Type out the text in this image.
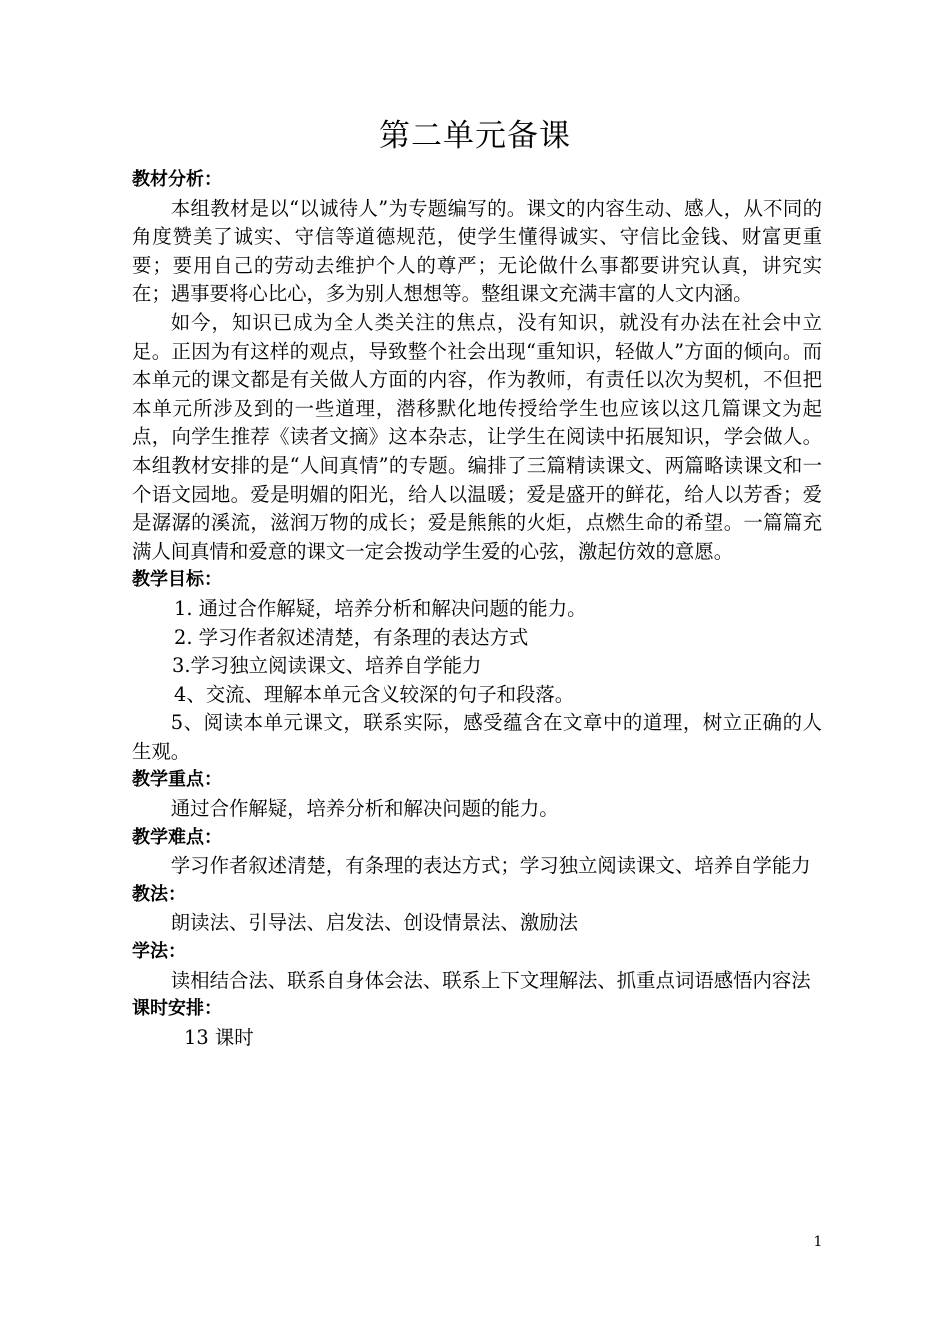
第二单元备课
教材分析：

本组教材是以“以诚待人”为专题编写的。课文的内容生动、感人，从不同的角度赞美了诚实、守信等道德规范，使学生懂得诚实、守信比金钱、财富更重要；要用自己的劳动去维护个人的尊严；无论做什么事都要讲究认真，讲究实在；遇事要将心比心，多为别人想想等。整组课文充满丰富的人文内涵。

如今，知识已成为全人类关注的焦点，没有知识，就没有办法在社会中立足。正因为有这样的观点，导致整个社会出现“重知识，轻做人”方面的倾向。而本单元的课文都是有关做人方面的内容，作为教师，有责任以次为契机，不但把本单元所涉及到的一些道理，潜移默化地传授给学生也应该以这几篇课文为起点，向学生推荐《读者文摘》这本杂志，让学生在阅读中拓展知识，学会做人。本组教材安排的是“人间真情”的专题。编排了三篇精读课文、两篇略读课文和一个语文园地。爱是明媚的阳光，给人以温暖；爱是盛开的鲜花，给人以芳香；爱是潺潺的溪流，滋润万物的成长；爱是熊熊的火炬，点燃生命的希望。一篇篇充满人间真情和爱意的课文一定会拨动学生爱的心弦，激起仿效的意愿。

教学目标：
1. 通过合作解疑，培养分析和解决问题的能力。
2. 学习作者叙述清楚，有条理的表达方式
3.学习独立阅读课文、培养自学能力
4、交流、理解本单元含义较深的句子和段落。

5、阅读本单元课文，联系实际，感受蕴含在文章中的道理，树立正确的人生观。

教学重点：

通过合作解疑，培养分析和解决问题的能力。

教学难点：

学习作者叙述清楚，有条理的表达方式；学习独立阅读课文、培养自学能力

教法：

朗读法、引导法、启发法、创设情景法、激励法

学法：

读相结合法、联系自身体会法、联系上下文理解法、抓重点词语感悟内容法

课时安排：
13 课时
1
